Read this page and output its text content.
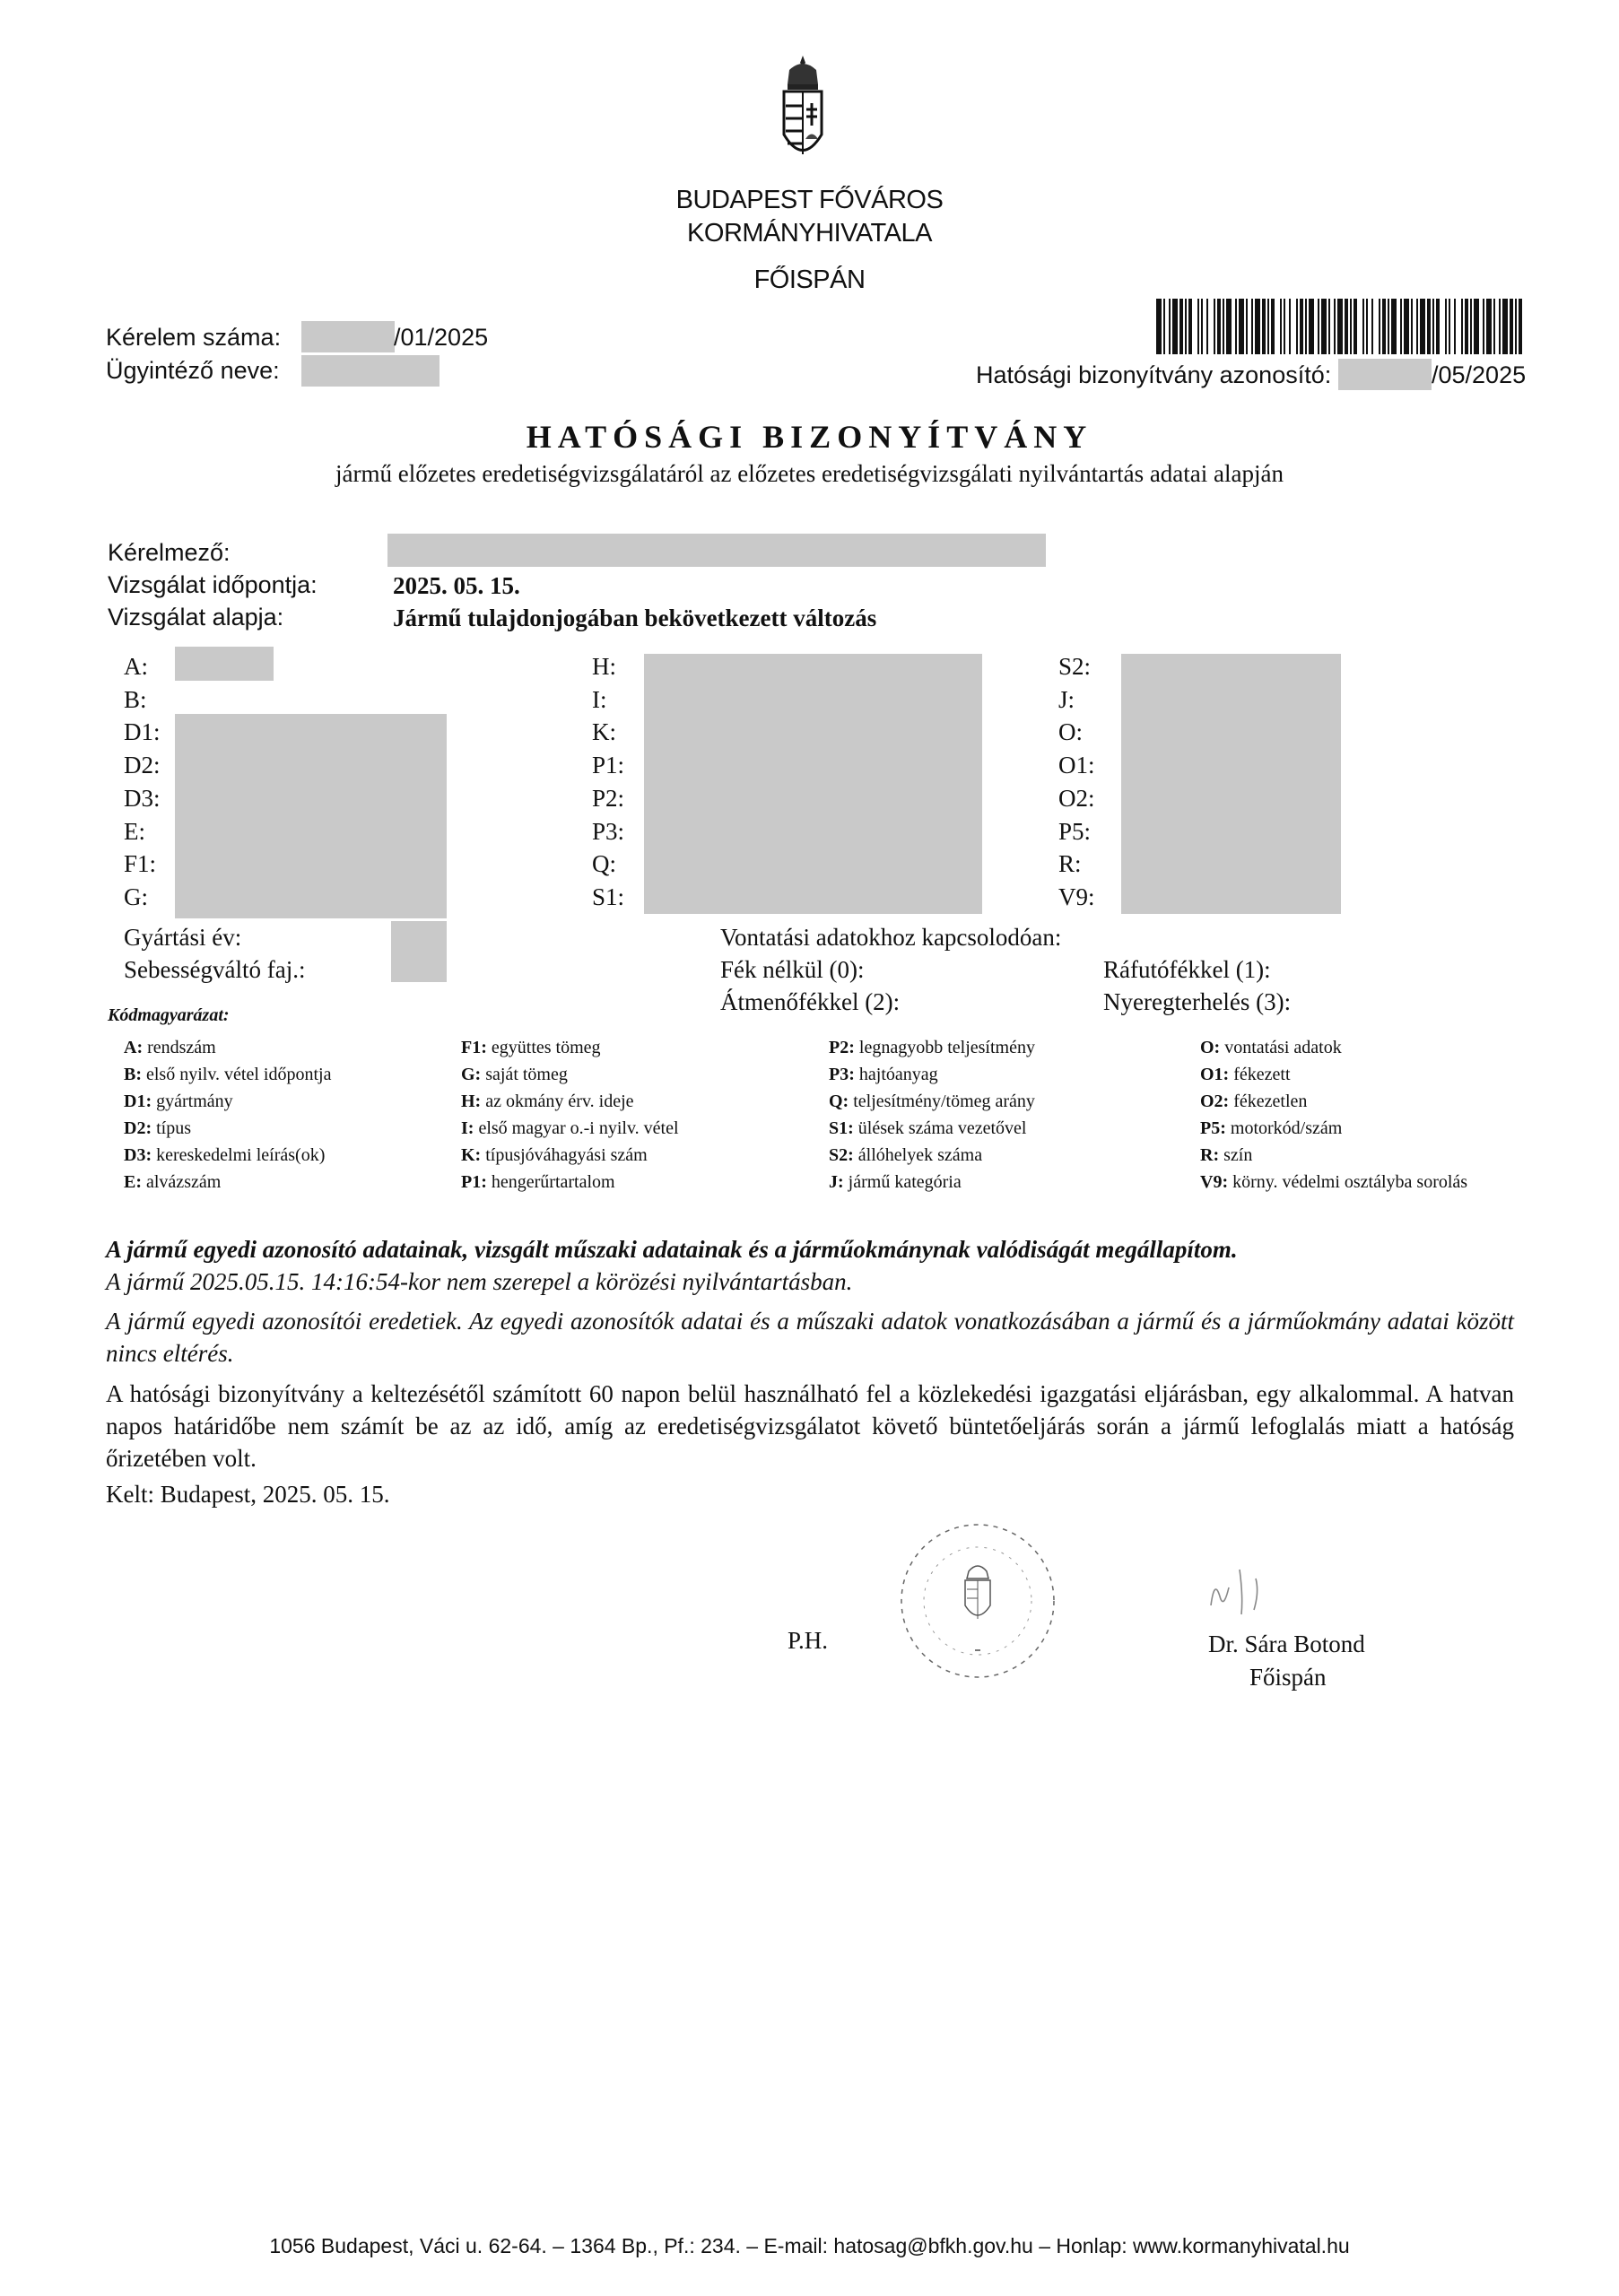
BUDAPEST FŐVÁROS
KORMÁNYHIVATALA
FŐISPÁN
Kérelem száma:	/01/2025
Ügyintéző neve:	Hatósági bizonyítvány azonosító:	/05/2025
HATÓSÁGI BIZONYÍTVÁNY
jármű előzetes eredetiségvizsgálatáról az előzetes eredetiségvizsgálati nyilvántartás adatai alapján
Kérelmező:
Vizsgálat időpontja:	2025. 05. 15.
Vizsgálat alapja:	Jármű tulajdonjogában bekövetkezett változás
A:
B:
D1:
D2:
D3:
E:
F1:
G:
H:
I:
K:
P1:
P2:
P3:
Q:
S1:
S2:
J:
O:
O1:
O2:
P5:
R:
V9:
Gyártási év:
Sebességváltó faj.:
Vontatási adatokhoz kapcsolodóan:
Fék nélkül (0):	Ráfutófékkel (1):
Átmenőfékkel (2):	Nyeregterhelés (3):
Kódmagyarázat:
A: rendszám
B: első nyilv. vétel időpontja
D1: gyártmány
D2: típus
D3: kereskedelmi leírás(ok)
E: alvázszám
F1: együttes tömeg
G: saját tömeg
H: az okmány érv. ideje
I: első magyar o.-i nyilv. vétel
K: típusjóváhagyási szám
P1: hengerűrtartalom
P2: legnagyobb teljesítmény
P3: hajtóanyag
Q: teljesítmény/tömeg arány
S1: ülések száma vezetővel
S2: állóhelyek száma
J: jármű kategória
O: vontatási adatok
O1: fékezett
O2: fékezetlen
P5: motorkód/szám
R: szín
V9: körny. védelmi osztályba sorolás
A jármű egyedi azonosító adatainak, vizsgált műszaki adatainak és a járműokmánynak valódiságát megállapítom.
A jármű 2025.05.15. 14:16:54-kor nem szerepel a körözési nyilvántartásban.
A jármű egyedi azonosítói eredetiek. Az egyedi azonosítók adatai és a műszaki adatok vonatkozásában a jármű és a járműokmány adatai között nincs eltérés.
A hatósági bizonyítvány a keltezésétől számított 60 napon belül használható fel a közlekedési igazgatási eljárásban, egy alkalommal. A hatvan napos határidőbe nem számít be az az idő, amíg az eredetiségvizsgálatot követő büntetőeljárás során a jármű lefoglalás miatt a hatóság őrizetében volt.
Kelt: Budapest, 2025. 05. 15.
P.H.	Dr. Sára Botond
Főispán
1056 Budapest, Váci u. 62-64. – 1364 Bp., Pf.: 234. – E-mail: hatosag@bfkh.gov.hu – Honlap: www.kormanyhivatal.hu
